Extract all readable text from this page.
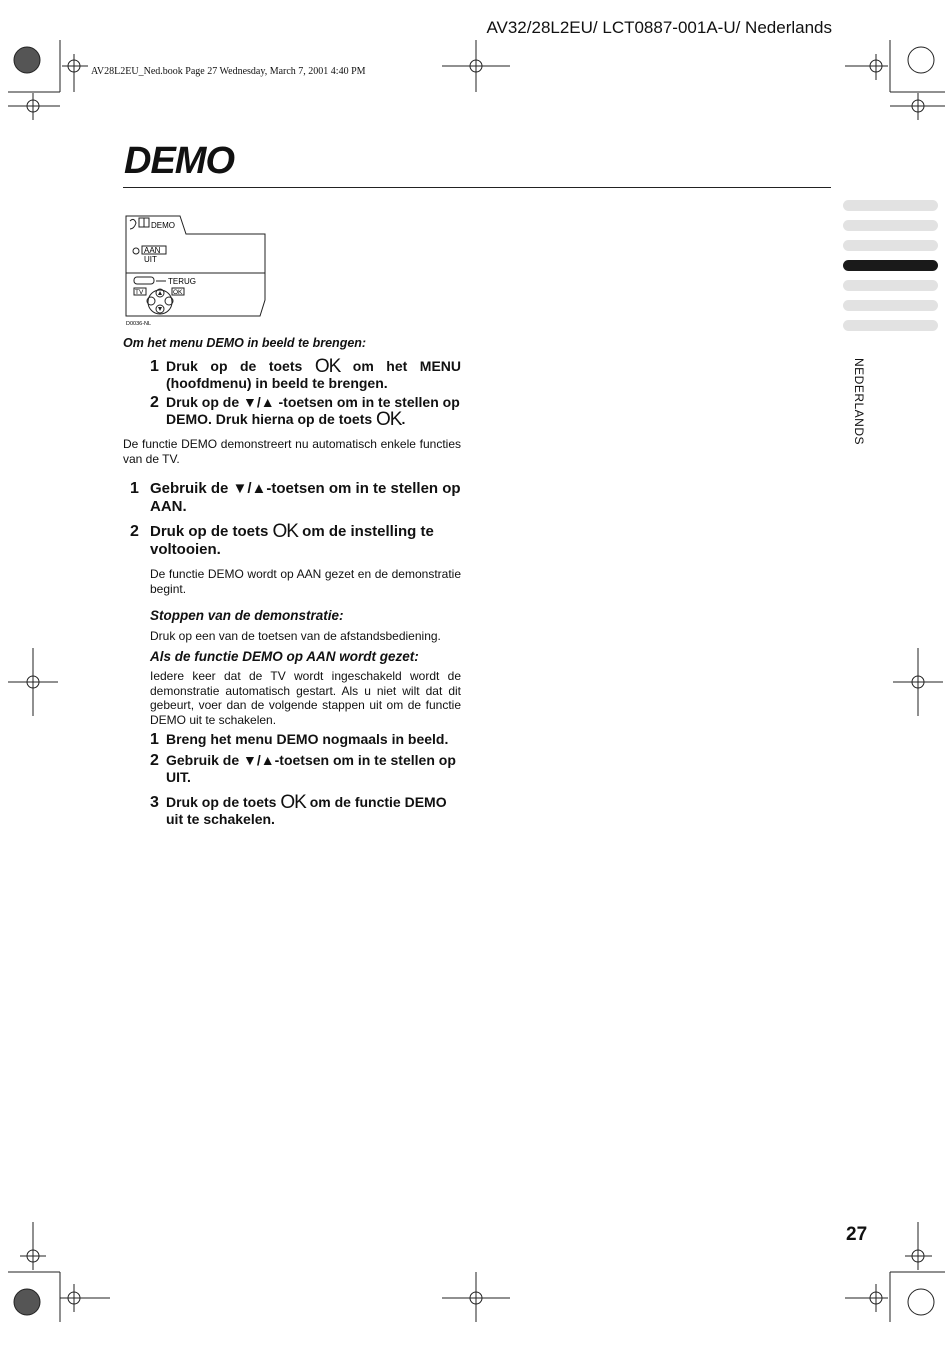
AV32/28L2EU/ LCT0887-001A-U/ Nederlands
AV28L2EU_Ned.book Page 27 Wednesday, March 7, 2001 4:40 PM
DEMO
NEDERLANDS
DEMO
AAN
UIT
TERUG
TV	OK
D0036-NL
Om het menu DEMO in beeld te brengen:
1 Druk op de toets OK om het MENU (hoofdmenu) in beeld te brengen.
2 Druk op de ▼/▲ -toetsen om in te stellen op DEMO. Druk hierna op de toets OK.
De functie DEMO demonstreert nu automatisch enkele functies van de TV.
1 Gebruik de ▼/▲-toetsen om in te stellen op AAN.
2 Druk op de toets OK om de instelling te voltooien.
De functie DEMO wordt op AAN gezet en de demonstratie begint.
Stoppen van de demonstratie:
Druk op een van de toetsen van de afstandsbediening.
Als de functie DEMO op AAN wordt gezet:
Iedere keer dat de TV wordt ingeschakeld wordt de demonstratie automatisch gestart. Als u niet wilt dat dit gebeurt, voer dan de volgende stappen uit om de functie DEMO uit te schakelen.
1 Breng het menu DEMO nogmaals in beeld.
2 Gebruik de ▼/▲-toetsen om in te stellen op UIT.
3 Druk op de toets OK om de functie DEMO uit te schakelen.
27
